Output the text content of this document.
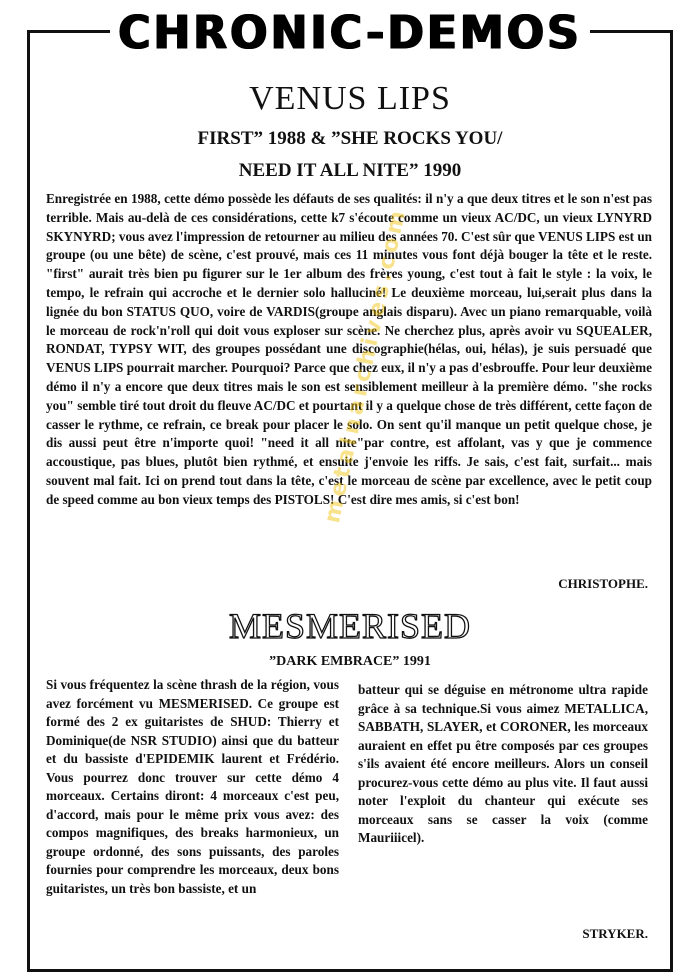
CHRONIC-DEMOS
VENUS LIPS
FIRST” 1988 & ”SHE ROCKS YOU/
NEED IT ALL NITE” 1990
Enregistrée en 1988, cette démo possède les défauts de ses qualités: il n'y a que deux titres et le son n'est pas terrible. Mais au-delà de ces considérations, cette k7 s'écoute comme un vieux AC/DC, un vieux LYNYRD SKYNYRD; vous avez l'impression de retourner au milieu des années 70. C'est sûr que VENUS LIPS est un groupe (ou une bête) de scène, c'est prouvé, mais ces 11 minutes vous font déjà bouger la tête et le reste. "first" aurait très bien pu figurer sur le 1er album des frères young, c'est tout à fait le style : la voix, le tempo, le refrain qui accroche et le dernier solo halluciné! Le deuxième morceau, lui,serait plus dans la lignée du bon STATUS QUO, voire de VARDIS(groupe anglais disparu). Avec un piano remarquable, voilà le morceau de rock'n'roll qui doit vous exploser sur scène. Ne cherchez plus, après avoir vu SQUEALER, RONDAT, TYPSY WIT, des groupes possédant une discographie(hélas, oui, hélas), je suis persuadé que VENUS LIPS pourrait marcher. Pourquoi? Parce que chez eux, il n'y a pas d'esbrouffe. Pour leur deuxième démo il n'y a encore que deux titres mais le son est sensiblement meilleur à la première démo. "she rocks you" semble tiré tout droit du fleuve AC/DC et pourtant il y a quelque chose de très différent, cette façon de casser le rythme, ce refrain, ce break pour placer le solo. On sent qu'il manque un petit quelque chose, je dis aussi peut être n'importe quoi! "need it all nite"par contre, est affolant, vas y que je commence accoustique, pas blues, plutôt bien rythmé, et ensuite j'envoie les riffs. Je sais, c'est fait, surfait... mais souvent mal fait. Ici on prend tout dans la tête, c'est le morceau de scène par excellence, avec le petit coup de speed comme au bon vieux temps des PISTOLS! C'est dire mes amis, si c'est bon!
CHRISTOPHE.
MESMERISED
”DARK EMBRACE” 1991
Si vous fréquentez la scène thrash de la région, vous avez forcément vu MESMERISED. Ce groupe est formé des 2 ex guitaristes de SHUD: Thierry et Dominique(de NSR STUDIO) ainsi que du batteur et du bassiste d'EPIDEMIK laurent et Frédério. Vous pourrez donc trouver sur cette démo 4 morceaux. Certains diront: 4 morceaux c'est peu, d'accord, mais pour le même prix vous avez: des compos magnifiques, des breaks harmonieux, un groupe ordonné, des sons puissants, des paroles fournies pour comprendre les morceaux, deux bons guitaristes, un très bon bassiste, et un
batteur qui se déguise en métronome ultra rapide grâce à sa technique.Si vous aimez METALLICA, SABBATH, SLAYER, et CORONER, les morceaux auraient en effet pu être composés par ces groupes s'ils avaient été encore meilleurs. Alors un conseil procurez-vous cette démo au plus vite. Il faut aussi noter l'exploit du chanteur qui exécute ses morceaux sans se casser la voix (comme Mauriiicel).
STRYKER.
metalnarchives.com
